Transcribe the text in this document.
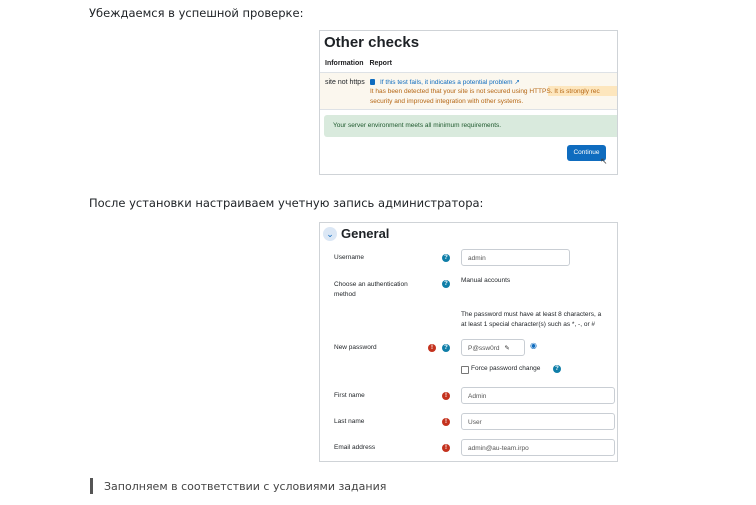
Убеждаемся в успешной проверке:
Other checks
Information Report
site not https	If this test fails, it indicates a potential problem ↗
It has been detected that your site is not secured using HTTPS. It is strongly rec
security and improved integration with other systems.
Your server environment meets all minimum requirements.
Continue
↖
После установки настраиваем учетную запись администратора:
⌄ General
Username	?	admin
Choose an authentication
method
?	Manual accounts
The password must have at least 8 characters, a
at least 1 special character(s) such as *, -, or #
New password	!	?	P@ssw0rd ✎	◉
Force password change	?
First name	!	Admin
Last name	!	User
Email address	!	admin@au-team.irpo
Заполняем в соответствии с условиями задания
